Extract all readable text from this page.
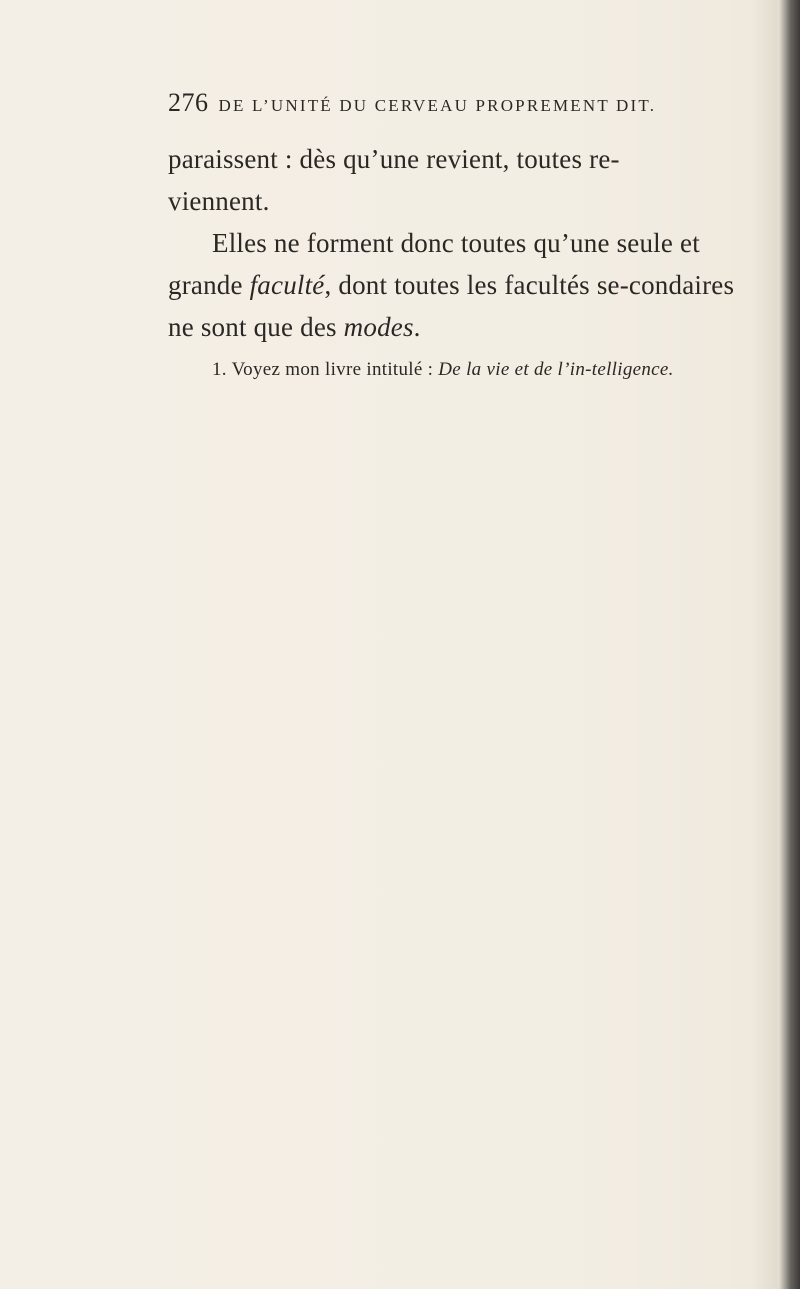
276 DE L’UNITÉ DU CERVEAU PROPREMENT DIT.

paraissent : dès qu’une revient, toutes re-
viennent.

Elles ne forment donc toutes qu’une seule et grande faculté, dont toutes les facultés se-condaires ne sont que des modes.

1. Voyez mon livre intitulé : De la vie et de l’in-telligence.
